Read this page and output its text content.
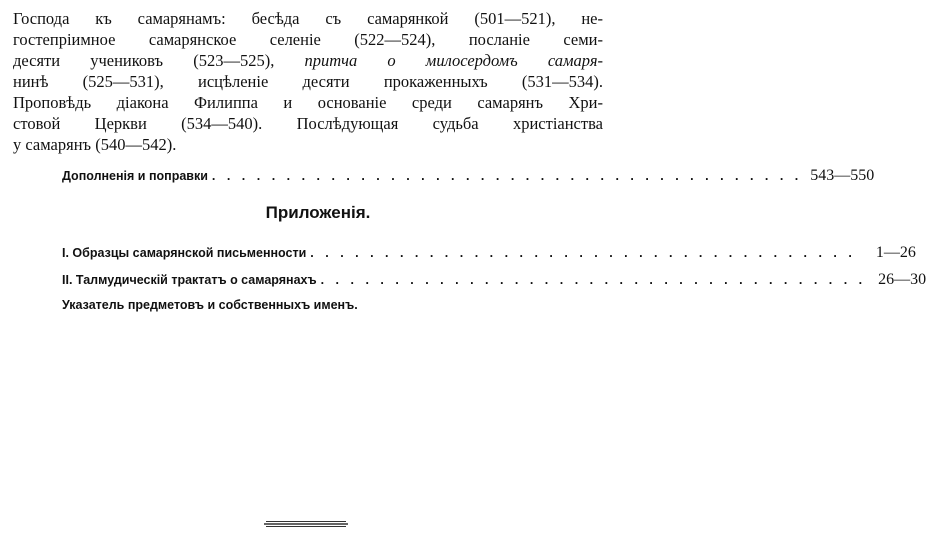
Господа къ самарянамъ: бесѣда съ самарянкой (501—521), не-
гостепріимное самарянское селеніе (522—524), посланіе семи-
десяти учениковъ (523—525), притча о милосердомъ самаря-
нинѣ (525—531), исцѣленіе десяти прокаженныхъ (531—534).
Проповѣдь діакона Филиппа и основаніе среди самарянъ Хри-
стовой Церкви (534—540). Послѣдующая судьба христіанства
у самарянъ (540—542).
Дополненія и поправки . . . . . . . . . . . . . . . . . . . . . . . . . . . . . . . . . . . . . . . . 543—550
Приложенія.
I. Образцы самарянской письменности . . . . . . . . . . . . . . . . . . . . . . . . . . . . . . . . . . . . .	1—26
II. Талмудическій трактатъ о самарянахъ . . . . . . . . . . . . . . . . . . . . . . . . . . . . . . . . . . . . . 26—30
Указатель предметовъ и собственныхъ именъ.
